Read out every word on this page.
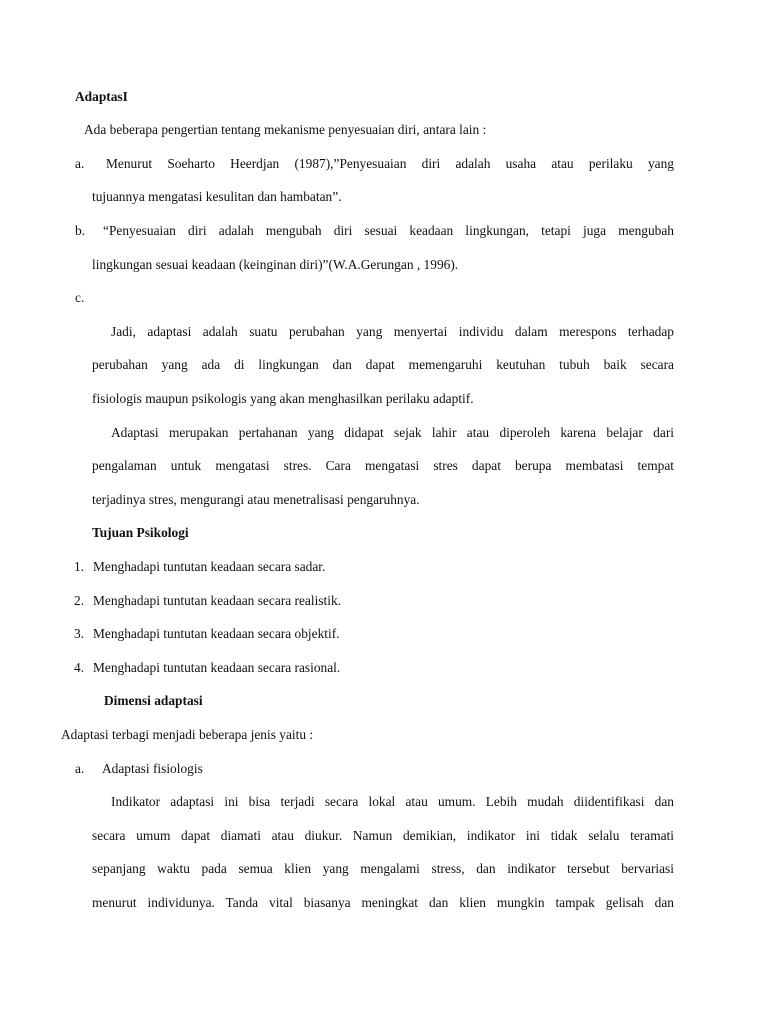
AdaptasI
Ada beberapa pengertian tentang mekanisme penyesuaian diri, antara lain :
a. Menurut Soeharto Heerdjan (1987),”Penyesuaian diri adalah usaha atau perilaku yang
tujuannya mengatasi kesulitan dan hambatan”.
b. “Penyesuaian diri adalah mengubah diri sesuai keadaan lingkungan, tetapi juga mengubah
lingkungan sesuai keadaan (keinginan diri)”(W.A.Gerungan , 1996).
c.
Jadi, adaptasi adalah suatu perubahan yang menyertai individu dalam merespons terhadap
perubahan yang ada di lingkungan dan dapat memengaruhi keutuhan tubuh baik secara
fisiologis maupun psikologis yang akan menghasilkan perilaku adaptif.
Adaptasi merupakan pertahanan yang didapat sejak lahir atau diperoleh karena belajar dari
pengalaman untuk mengatasi stres. Cara mengatasi stres dapat berupa membatasi tempat
terjadinya stres, mengurangi atau menetralisasi pengaruhnya.
Tujuan Psikologi
1. Menghadapi tuntutan keadaan secara sadar.
2. Menghadapi tuntutan keadaan secara realistik.
3. Menghadapi tuntutan keadaan secara objektif.
4. Menghadapi tuntutan keadaan secara rasional.
Dimensi adaptasi
Adaptasi terbagi menjadi beberapa jenis yaitu :
a. Adaptasi fisiologis
Indikator adaptasi ini bisa terjadi secara lokal atau umum. Lebih mudah diidentifikasi dan
secara umum dapat diamati atau diukur. Namun demikian, indikator ini tidak selalu teramati
sepanjang waktu pada semua klien yang mengalami stress, dan indikator tersebut bervariasi
menurut individunya. Tanda vital biasanya meningkat dan klien mungkin tampak gelisah dan
